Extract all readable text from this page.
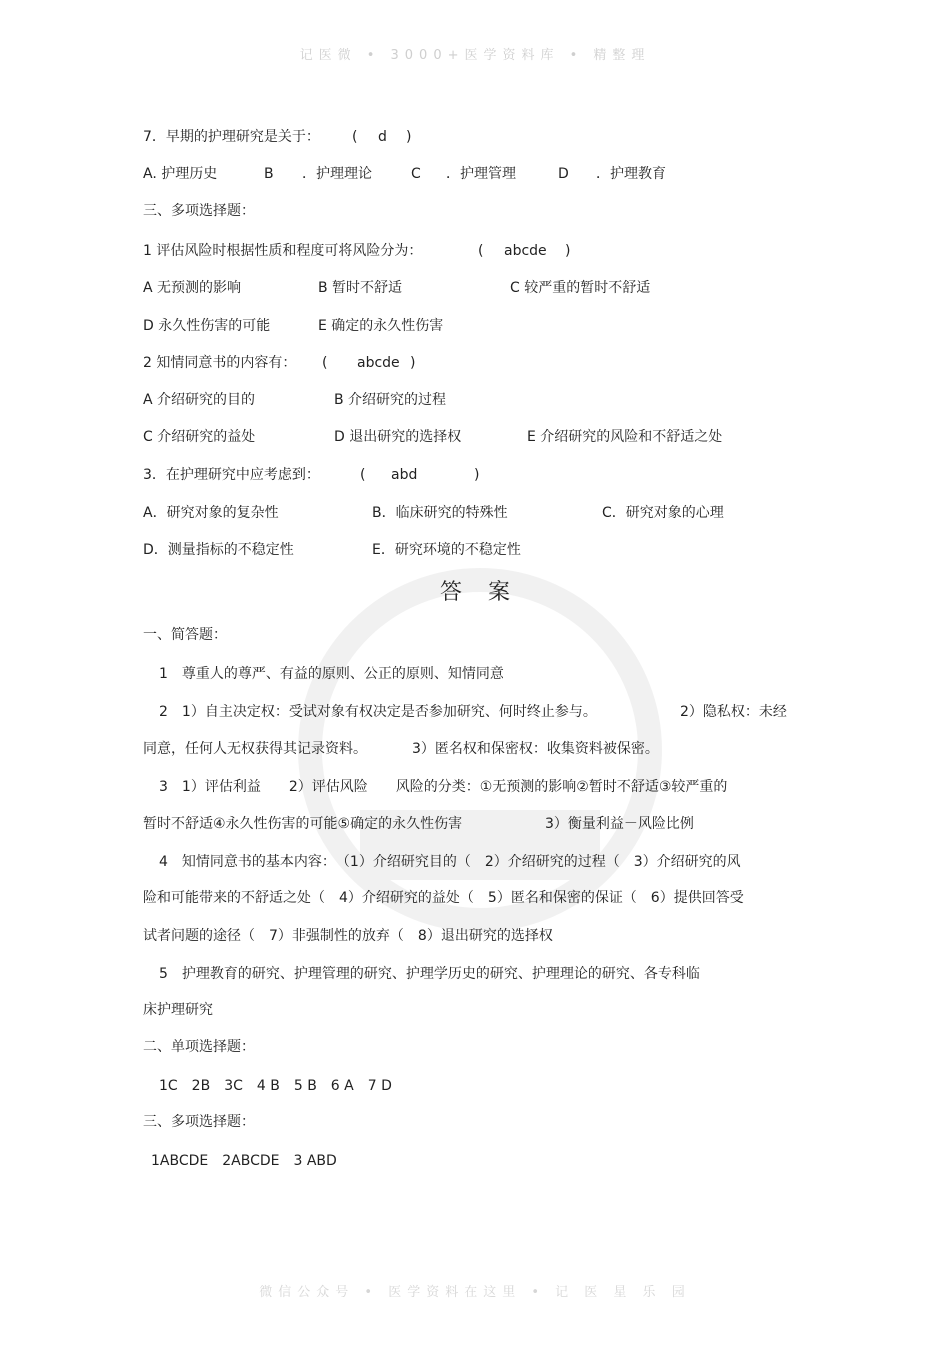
记医微 • 3000+医学资料库 • 精整理
7．早期的护理研究是关于： ( d )
A. 护理历史	B ．护理理论	C ．护理管理	D ．护理教育
三、多项选择题：
1 评估风险时根据性质和程度可将风险分为：	( abcde )
A 无预测的影响	B 暂时不舒适	C 较严重的暂时不舒适
D 永久性伤害的可能	E 确定的永久性伤害
2 知情同意书的内容有： ( abcde )
A 介绍研究的目的	B 介绍研究的过程
C 介绍研究的益处	D 退出研究的选择权	E 介绍研究的风险和不舒适之处
3．在护理研究中应考虑到：	( abd	)
A．研究对象的复杂性	B．临床研究的特殊性	C．研究对象的心理
D．测量指标的不稳定性	E．研究环境的不稳定性
答案
一、简答题：
1　尊重人的尊严、有益的原则、公正的原则、知情同意
2　1）自主决定权：受试对象有权决定是否参加研究、何时终止参与。	2）隐私权：未经
同意，任何人无权获得其记录资料。	3）匿名权和保密权：收集资料被保密。
3　1）评估利益　　2）评估风险　　风险的分类：①无预测的影响②暂时不舒适③较严重的
暂时不舒适④永久性伤害的可能⑤确定的永久性伤害	3）衡量利益－风险比例
4　知情同意书的基本内容：　（1）介绍研究目的（　2）介绍研究的过程（　3）介绍研究的风
险和可能带来的不舒适之处（　4）介绍研究的益处（　5）匿名和保密的保证（　6）提供回答受
试者问题的途径（　7）非强制性的放弃（　8）退出研究的选择权
5　护理教育的研究、护理管理的研究、护理学历史的研究、护理理论的研究、各专科临
床护理研究
二、单项选择题：
1C　2B　3C　4 B　5 B　6 A　7 D
三、多项选择题：
1ABCDE　2ABCDE　3 ABD
微信公众号 • 医学资料在这里 • 记 医 星 乐 园
